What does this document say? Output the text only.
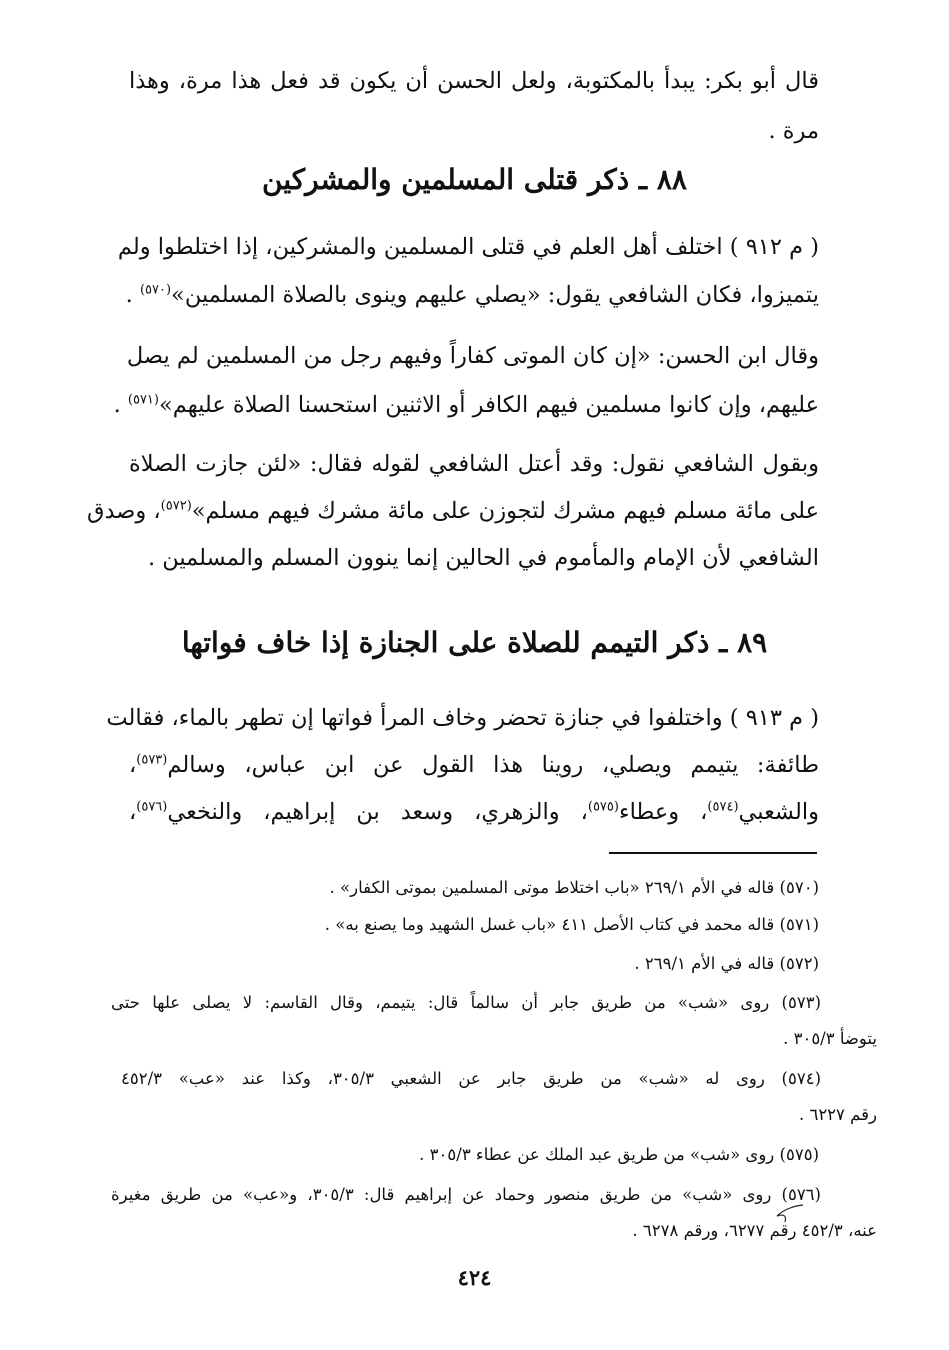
قال أبو بكر: يبدأ بالمكتوبة، ولعل الحسن أن يكون قد فعل هذا مرة، وهذا
مرة .
٨٨ ـ ذكر قتلى المسلمين والمشركين
( م ٩١٢ ) اختلف أهل العلم في قتلى المسلمين والمشركين، إذا اختلطوا ولم
يتميزوا، فكان الشافعي يقول: «يصلي عليهم وينوى بالصلاة المسلمين»$^{(٥٧٠)}$ .
وقال ابن الحسن: «إن كان الموتى كفاراً وفيهم رجل من المسلمين لم يصل
عليهم، وإن كانوا مسلمين فيهم الكافر أو الاثنين استحسنا الصلاة عليهم»$^{(٥٧١)}$ .
وبقول الشافعي نقول: وقد أعتل الشافعي لقوله فقال: «لئن جازت الصلاة
على مائة مسلم فيهم مشرك لتجوزن على مائة مشرك فيهم مسلم»$^{(٥٧٢)}$، وصدق
الشافعي لأن الإمام والمأموم في الحالين إنما ينوون المسلم والمسلمين .
٨٩ ـ ذكر التيمم للصلاة على الجنازة إذا خاف فواتها
( م ٩١٣ ) واختلفوا في جنازة تحضر وخاف المرأ فواتها إن تطهر بالماء، فقالت
طائفة: يتيمم ويصلي، روينا هذا القول عن ابن عباس، وسالم$^{(٥٧٣)}$،
والشعبي$^{(٥٧٤)}$، وعطاء$^{(٥٧٥)}$، والزهري، وسعد بن إبراهيم، والنخعي$^{(٥٧٦)}$،
(٥٧٠) قاله في الأم ٢٦٩/١ «باب اختلاط موتى المسلمين بموتى الكفار» .
(٥٧١) قاله محمد في كتاب الأصل ٤١١ «باب غسل الشهيد وما يصنع به» .
(٥٧٢) قاله في الأم ٢٦٩/١ .
(٥٧٣) روى «شب» من طريق جابر أن سالماً قال: يتيمم، وقال القاسم: لا يصلى علها حتى
يتوضأ ٣٠٥/٣ .
(٥٧٤) روى له «شب» من طريق جابر عن الشعبي ٣٠٥/٣، وكذا عند «عب» ٤٥٢/٣
رقم ٦٢٢٧ .
(٥٧٥) روى «شب» من طريق عبد الملك عن عطاء ٣٠٥/٣ .
(٥٧٦) روى «شب» من طريق منصور وحماد عن إبراهيم قال: ٣٠٥/٣، و«عب» من طريق مغيرة
عنه، ٤٥٢/٣ رقم ٦٢٧٧، ورقم ٦٢٧٨ .
٤٢٤
